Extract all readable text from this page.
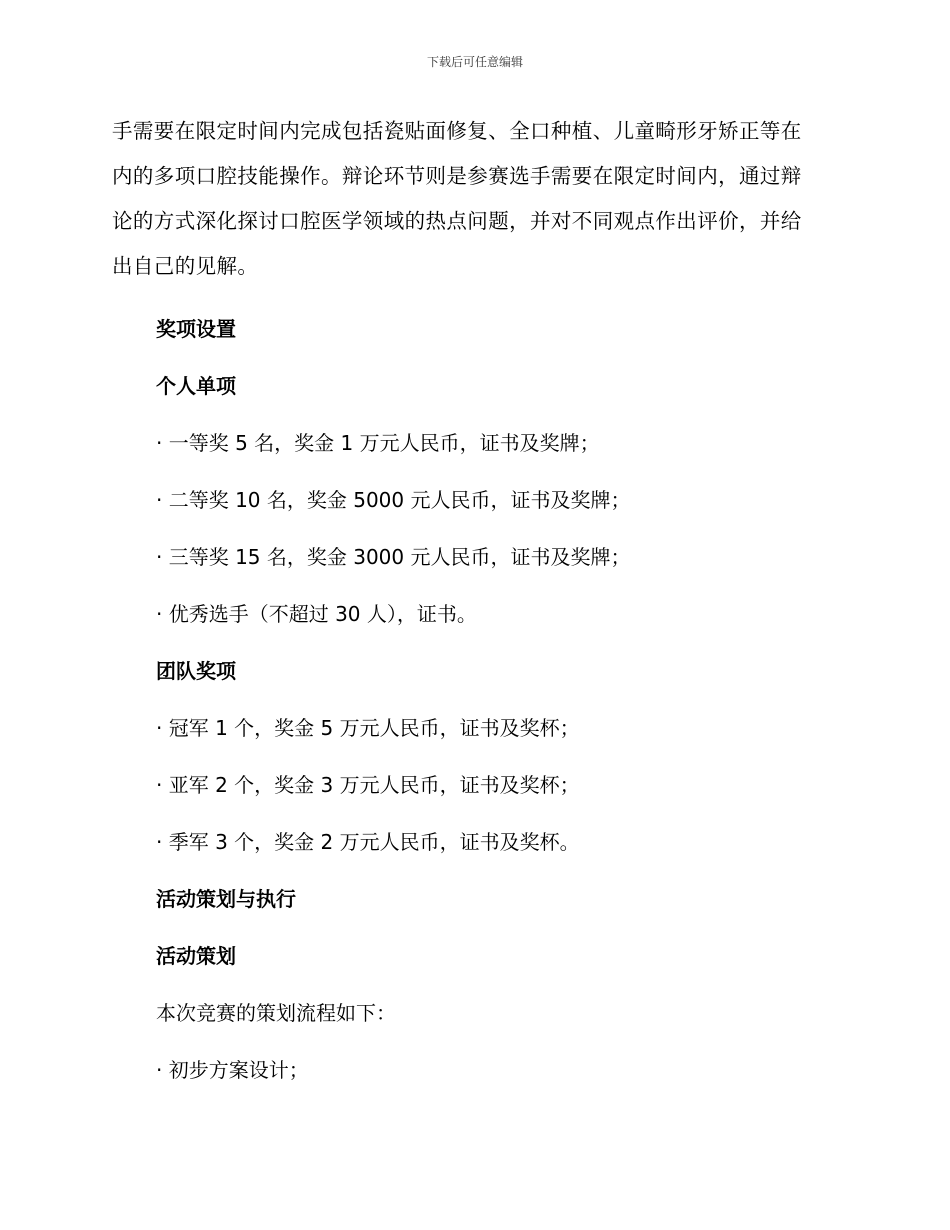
下载后可任意编辑
手需要在限定时间内完成包括瓷贴面修复、全口种植、儿童畸形牙矫正等在
内的多项口腔技能操作。辩论环节则是参赛选手需要在限定时间内，通过辩
论的方式深化探讨口腔医学领域的热点问题，并对不同观点作出评价，并给
出自己的见解。
奖项设置
个人单项
· 一等奖 5 名，奖金 1 万元人民币，证书及奖牌；
· 二等奖 10 名，奖金 5000 元人民币，证书及奖牌；
· 三等奖 15 名，奖金 3000 元人民币，证书及奖牌；
· 优秀选手（不超过 30 人），证书。
团队奖项
· 冠军 1 个，奖金 5 万元人民币，证书及奖杯；
· 亚军 2 个，奖金 3 万元人民币，证书及奖杯；
· 季军 3 个，奖金 2 万元人民币，证书及奖杯。
活动策划与执行
活动策划
本次竞赛的策划流程如下：
· 初步方案设计；
